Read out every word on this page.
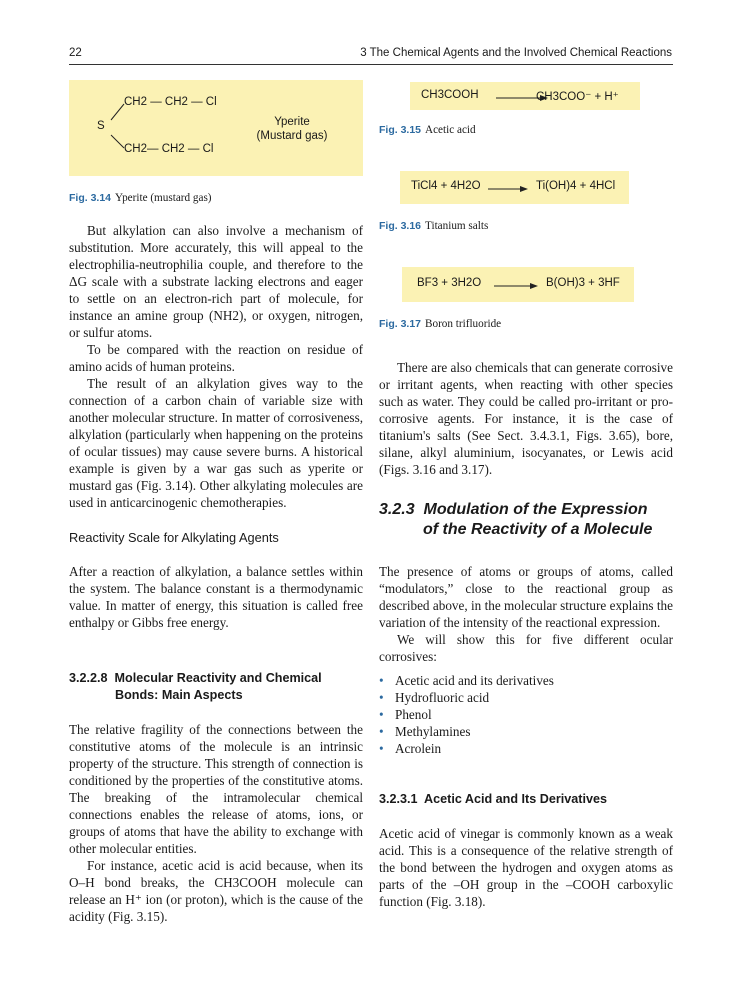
22	3 The Chemical Agents and the Involved Chemical Reactions
CH2 — CH2 — Cl
S
CH2— CH2 — Cl
Yperite
(Mustard gas)
Fig. 3.14 Yperite (mustard gas)

But alkylation can also involve a mechanism of substitution. More accurately, this will appeal to the electrophilia-neutrophilia couple, and therefore to the ΔG scale with a substrate lacking electrons and eager to settle on an electron-rich part of molecule, for instance an amine group (NH2), or oxygen, nitrogen, or sulfur atoms.

To be compared with the reaction on residue of amino acids of human proteins.

The result of an alkylation gives way to the connection of a carbon chain of variable size with another molecular structure. In matter of corrosiveness, alkylation (particularly when happening on the proteins of ocular tissues) may cause severe burns. A historical example is given by a war gas such as yperite or mustard gas (Fig. 3.14). Other alkylating molecules are used in anticarcinogenic chemotherapies.

Reactivity Scale for Alkylating Agents

After a reaction of alkylation, a balance settles within the system. The balance constant is a thermodynamic value. In matter of energy, this situation is called free enthalpy or Gibbs free energy.

3.2.2.8 Molecular Reactivity and Chemical
Bonds: Main Aspects

The relative fragility of the connections between the constitutive atoms of the molecule is an intrinsic property of the structure. This strength of connection is conditioned by the properties of the constitutive atoms. The breaking of the intramolecular chemical connections enables the release of atoms, ions, or groups of atoms that have the ability to exchange with other molecular entities.

For instance, acetic acid is acid because, when its O–H bond breaks, the CH3COOH molecule can release an H⁺ ion (or proton), which is the cause of the acidity (Fig. 3.15).

CH3COOH	CH3COO⁻ + H⁺
Fig. 3.15 Acetic acid
TiCl4 + 4H2O → Ti(OH)4 + 4HCl
Fig. 3.16 Titanium salts
BF3 + 3H2O → B(OH)3 + 3HF
Fig. 3.17 Boron trifluoride

There are also chemicals that can generate corrosive or irritant agents, when reacting with other species such as water. They could be called pro-irritant or pro-corrosive agents. For instance, it is the case of titanium's salts (See Sect. 3.4.3.1, Figs. 3.65), bore, silane, alkyl aluminium, isocyanates, or Lewis acid (Figs. 3.16 and 3.17).

3.2.3 Modulation of the Expression
of the Reactivity of a Molecule

The presence of atoms or groups of atoms, called “modulators,” close to the reactional group as described above, in the molecular structure explains the variation of the intensity of the reactional expression.

We will show this for five different ocular corrosives:

• Acetic acid and its derivatives
• Hydrofluoric acid
• Phenol
• Methylamines
• Acrolein
3.2.3.1 Acetic Acid and Its Derivatives

Acetic acid of vinegar is commonly known as a weak acid. This is a consequence of the relative strength of the bond between the hydrogen and oxygen atoms as parts of the –OH group in the –COOH carboxylic function (Fig. 3.18).
